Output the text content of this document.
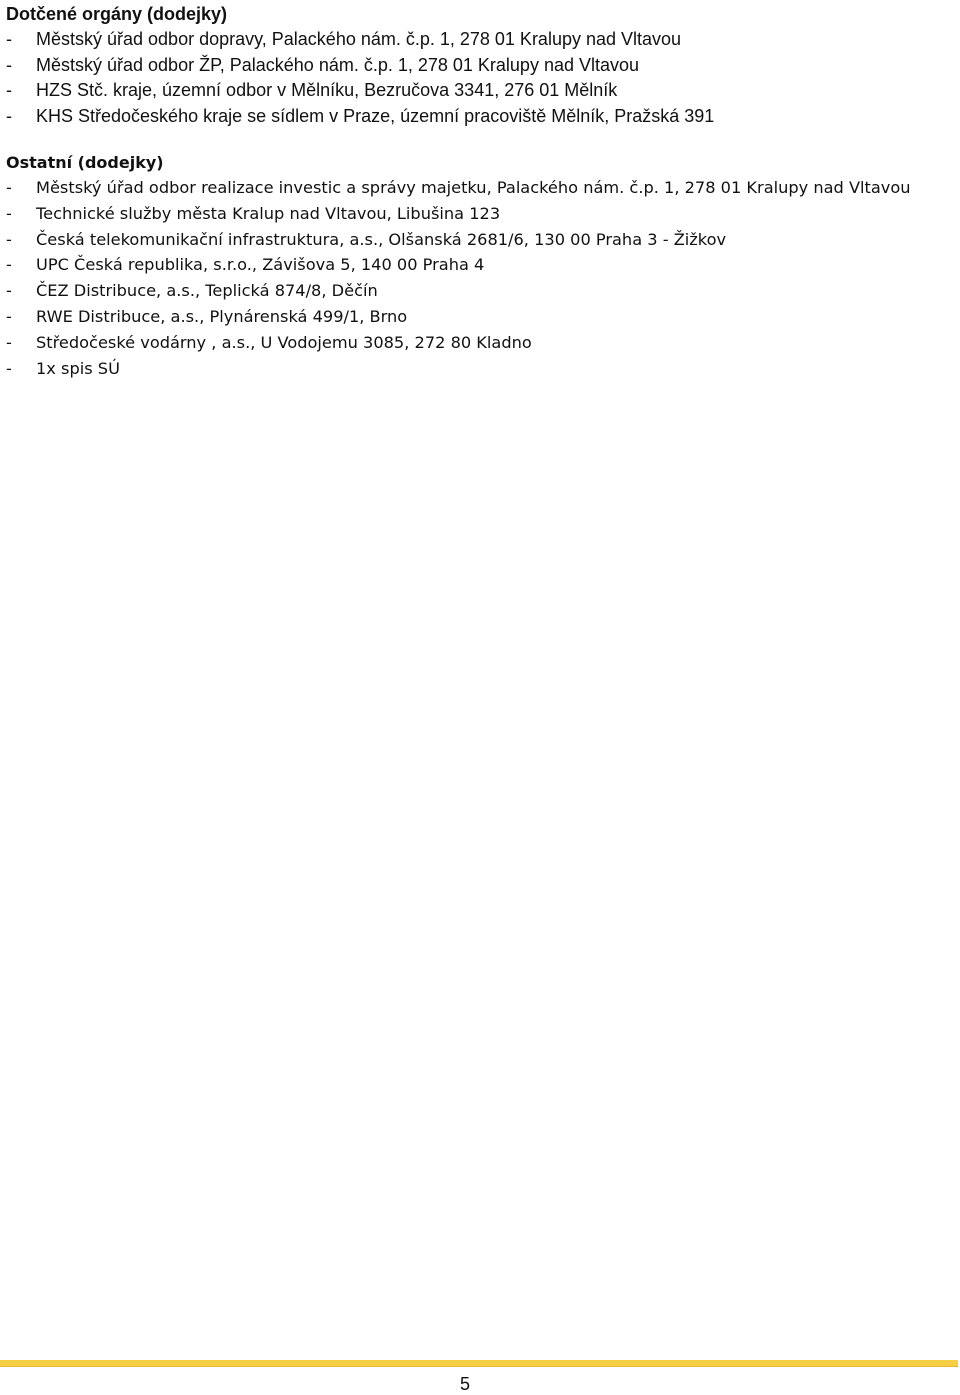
Dotčené orgány (dodejky)
- Městský úřad odbor dopravy, Palackého nám. č.p. 1, 278 01 Kralupy nad Vltavou
- Městský úřad odbor ŽP, Palackého nám. č.p. 1, 278 01 Kralupy nad Vltavou
- HZS Stč. kraje, územní odbor v Mělníku, Bezručova 3341, 276 01 Mělník
- KHS Středočeského kraje se sídlem v Praze, územní pracoviště Mělník, Pražská 391
Ostatní (dodejky)
- Městský úřad odbor realizace investic a správy majetku, Palackého nám. č.p. 1, 278 01 Kralupy nad Vltavou
- Technické služby města Kralup nad Vltavou, Libušina 123
- Česká telekomunikační infrastruktura, a.s., Olšanská 2681/6, 130 00 Praha 3 - Žižkov
- UPC Česká republika, s.r.o., Závišova 5, 140 00 Praha 4
- ČEZ Distribuce, a.s., Teplická 874/8, Děčín
- RWE Distribuce, a.s., Plynárenská 499/1, Brno
- Středočeské vodárny , a.s., U Vodojemu 3085, 272 80 Kladno
- 1x spis SÚ
5
